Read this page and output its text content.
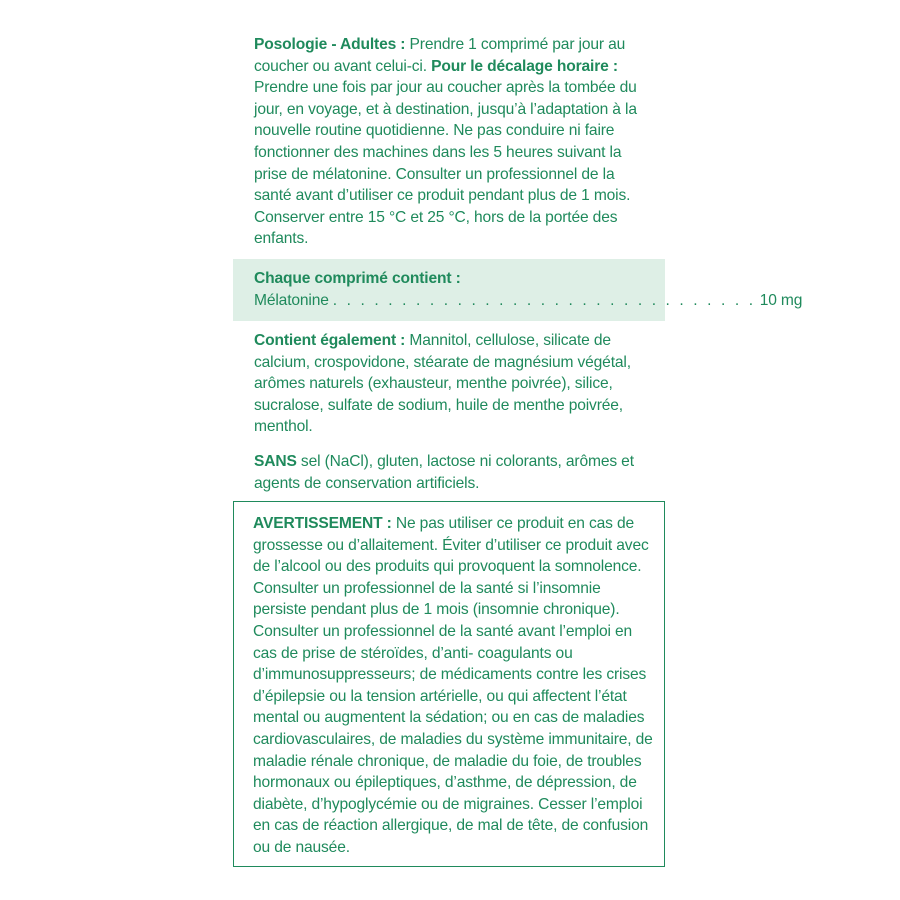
Posologie - Adultes : Prendre 1 comprimé par jour au coucher ou avant celui-ci. Pour le décalage horaire : Prendre une fois par jour au coucher après la tombée du jour, en voyage, et à destination, jusqu’à l’adaptation à la nouvelle routine quotidienne. Ne pas conduire ni faire fonctionner des machines dans les 5 heures suivant la prise de mélatonine. Consulter un professionnel de la santé avant d’utiliser ce produit pendant plus de 1 mois. Conserver entre 15 °C et 25 °C, hors de la portée des enfants.
Chaque comprimé contient :
Mélatonine . . . . . . . . . . . . . . . . . . . . . . . . . . . . . . . 10 mg
Contient également : Mannitol, cellulose, silicate de calcium, crospovidone, stéarate de magnésium végétal, arômes naturels (exhausteur, menthe poivrée), silice, sucralose, sulfate de sodium, huile de menthe poivrée, menthol.
SANS sel (NaCl), gluten, lactose ni colorants, arômes et agents de conservation artificiels.
AVERTISSEMENT : Ne pas utiliser ce produit en cas de grossesse ou d’allaitement. Éviter d’utiliser ce produit avec de l’alcool ou des produits qui provoquent la somnolence. Consulter un professionnel de la santé si l’insomnie persiste pendant plus de 1 mois (insomnie chronique). Consulter un professionnel de la santé avant l’emploi en cas de prise de stéroïdes, d’anti- coagulants ou d’immunosuppresseurs; de médicaments contre les crises d’épilepsie ou la tension artérielle, ou qui affectent l’état mental ou augmentent la sédation; ou en cas de maladies cardiovasculaires, de maladies du système immunitaire, de maladie rénale chronique, de maladie du foie, de troubles hormonaux ou épileptiques, d’asthme, de dépression, de diabète, d’hypoglycémie ou de migraines. Cesser l’emploi en cas de réaction allergique, de mal de tête, de confusion ou de nausée.
